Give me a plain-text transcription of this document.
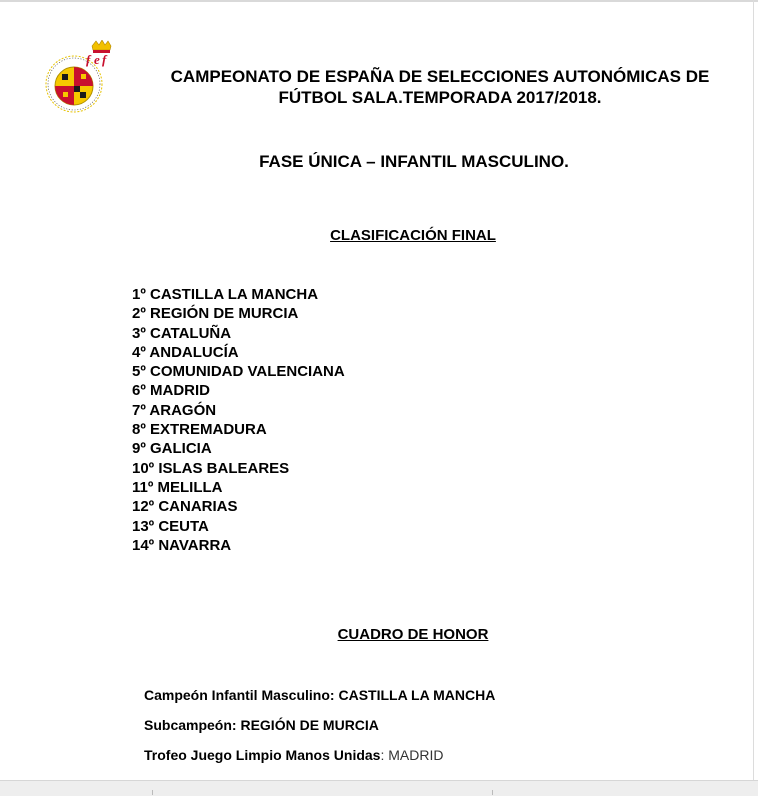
f e f
CAMPEONATO DE ESPAÑA DE SELECCIONES AUTONÓMICAS DE
FÚTBOL SALA.TEMPORADA 2017/2018.
FASE ÚNICA – INFANTIL MASCULINO.
CLASIFICACIÓN FINAL
1º CASTILLA LA MANCHA
2º REGIÓN DE MURCIA
3º CATALUÑA
4º ANDALUCÍA
5º COMUNIDAD VALENCIANA
6º MADRID
7º ARAGÓN
8º EXTREMADURA
9º GALICIA
10º ISLAS BALEARES
11º MELILLA
12º CANARIAS
13º CEUTA
14º NAVARRA
CUADRO DE HONOR
Campeón Infantil Masculino: CASTILLA LA MANCHA
Subcampeón: REGIÓN DE MURCIA
Trofeo Juego Limpio Manos Unidas: MADRID
